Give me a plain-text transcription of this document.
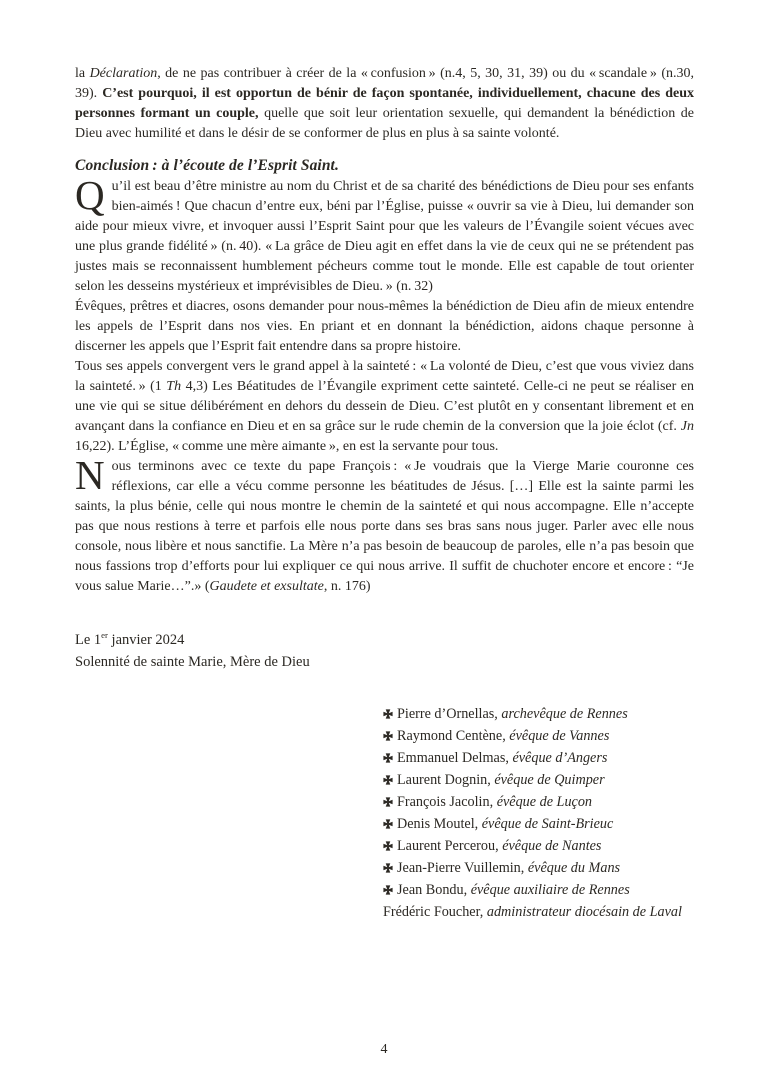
la Déclaration, de ne pas contribuer à créer de la « confusion » (n.4, 5, 30, 31, 39) ou du « scandale » (n.30, 39). C’est pourquoi, il est opportun de bénir de façon spontanée, individuellement, chacune des deux personnes formant un couple, quelle que soit leur orientation sexuelle, qui demandent la bénédiction de Dieu avec humilité et dans le désir de se conformer de plus en plus à sa sainte volonté.

Conclusion : à l’écoute de l’Esprit Saint.

Qu’il est beau d’être ministre au nom du Christ et de sa charité des bénédictions de Dieu pour ses enfants bien-aimés ! Que chacun d’entre eux, béni par l’Église, puisse « ouvrir sa vie à Dieu, lui demander son aide pour mieux vivre, et invoquer aussi l’Esprit Saint pour que les valeurs de l’Évangile soient vécues avec une plus grande fidélité » (n. 40). « La grâce de Dieu agit en effet dans la vie de ceux qui ne se prétendent pas justes mais se reconnaissent humblement pécheurs comme tout le monde. Elle est capable de tout orienter selon les desseins mystérieux et imprévisibles de Dieu. » (n. 32)

Évêques, prêtres et diacres, osons demander pour nous-mêmes la bénédiction de Dieu afin de mieux entendre les appels de l’Esprit dans nos vies. En priant et en donnant la bénédiction, aidons chaque personne à discerner les appels que l’Esprit fait entendre dans sa propre histoire.

Tous ses appels convergent vers le grand appel à la sainteté : « La volonté de Dieu, c’est que vous viviez dans la sainteté. » (1 Th 4,3) Les Béatitudes de l’Évangile expriment cette sainteté. Celle-ci ne peut se réaliser en une vie qui se situe délibérément en dehors du dessein de Dieu. C’est plutôt en y consentant librement et en avançant dans la confiance en Dieu et en sa grâce sur le rude chemin de la conversion que la joie éclot (cf. Jn 16,22). L’Église, « comme une mère aimante », en est la servante pour tous.

Nous terminons avec ce texte du pape François : « Je voudrais que la Vierge Marie couronne ces réflexions, car elle a vécu comme personne les béatitudes de Jésus. […] Elle est la sainte parmi les saints, la plus bénie, celle qui nous montre le chemin de la sainteté et qui nous accompagne. Elle n’accepte pas que nous restions à terre et parfois elle nous porte dans ses bras sans nous juger. Parler avec elle nous console, nous libère et nous sanctifie. La Mère n’a pas besoin de beaucoup de paroles, elle n’a pas besoin que nous fassions trop d’efforts pour lui expliquer ce qui nous arrive. Il suffit de chuchoter encore et encore : “Je vous salue Marie…”.» (Gaudete et exsultate, n. 176)

Le 1er janvier 2024
Solennité de sainte Marie, Mère de Dieu
Pierre d’Ornellas, archevêque de Rennes
Raymond Centène, évêque de Vannes
Emmanuel Delmas, évêque d’Angers
Laurent Dognin, évêque de Quimper
François Jacolin, évêque de Luçon
Denis Moutel, évêque de Saint-Brieuc
Laurent Percerou, évêque de Nantes
Jean-Pierre Vuillemin, évêque du Mans
Jean Bondu, évêque auxiliaire de Rennes
Frédéric Foucher, administrateur diocésain de Laval
4
